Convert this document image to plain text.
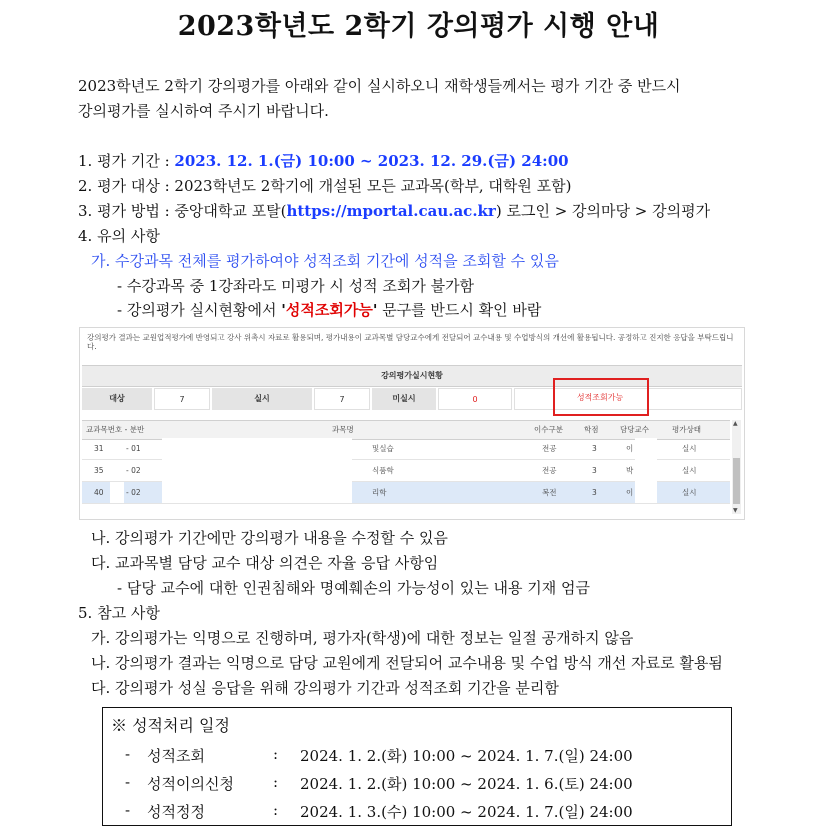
2023학년도 2학기 강의평가 시행 안내
2023학년도 2학기 강의평가를 아래와 같이 실시하오니 재학생들께서는 평가 기간 중 반드시
강의평가를 실시하여 주시기 바랍니다.
1. 평가 기간 : 2023. 12. 1.(금) 10:00 ~ 2023. 12. 29.(금) 24:00
2. 평가 대상 : 2023학년도 2학기에 개설된 모든 교과목(학부, 대학원 포함)
3. 평가 방법 : 중앙대학교 포탈(https://mportal.cau.ac.kr) 로그인 > 강의마당 > 강의평가
4. 유의 사항
가. 수강과목 전체를 평가하여야 성적조회 기간에 성적을 조회할 수 있음
- 수강과목 중 1강좌라도 미평가 시 성적 조회가 불가함
- 강의평가 실시현황에서 '성적조회가능' 문구를 반드시 확인 바람
강의평가 결과는 교원업적평가에 반영되고 강사 위촉시 자료로 활용되며, 평가내용이 교과목별 담당교수에게 전달되어 교수내용 및 수업방식의 개선에 활용됩니다. 공정하고 진지한 응답을 부탁드립니다.
강의평가실시현황
대상	7	실시	7	미실시	0	성적조회가능
교과목번호 - 분반	과목명	이수구분	학점	담당교수	평가상태
31	- 01	및실습	전공	3	이	실시
35	- 02	식품학	전공	3	박	실시
40	- 02	리학	복전	3	이	실시
▲
▼
나. 강의평가 기간에만 강의평가 내용을 수정할 수 있음
다. 교과목별 담당 교수 대상 의견은 자율 응답 사항임
- 담당 교수에 대한 인권침해와 명예훼손의 가능성이 있는 내용 기재 엄금
5. 참고 사항
가. 강의평가는 익명으로 진행하며, 평가자(학생)에 대한 정보는 일절 공개하지 않음
나. 강의평가 결과는 익명으로 담당 교원에게 전달되어 교수내용 및 수업 방식 개선 자료로 활용됨
다. 강의평가 성실 응답을 위해 강의평가 기간과 성적조회 기간을 분리함
※ 성적처리 일정
- 성적조회	: 2024. 1. 2.(화) 10:00 ~ 2024. 1. 7.(일) 24:00
- 성적이의신청	: 2024. 1. 2.(화) 10:00 ~ 2024. 1. 6.(토) 24:00
- 성적정정	: 2024. 1. 3.(수) 10:00 ~ 2024. 1. 7.(일) 24:00
